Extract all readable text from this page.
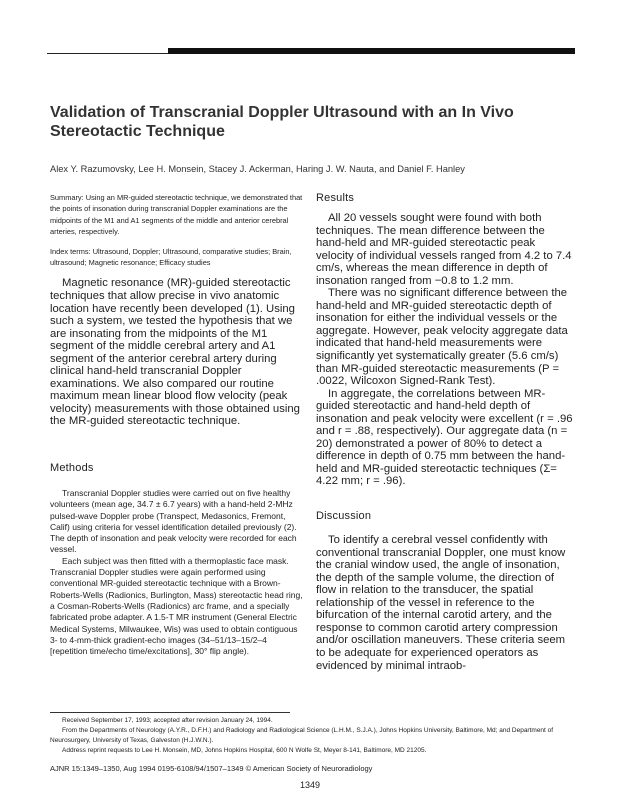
Validation of Transcranial Doppler Ultrasound with an In Vivo Stereotactic Technique
Alex Y. Razumovsky, Lee H. Monsein, Stacey J. Ackerman, Haring J. W. Nauta, and Daniel F. Hanley

Summary: Using an MR-guided stereotactic technique, we demonstrated that the points of insonation during transcranial Doppler examinations are the midpoints of the M1 and A1 segments of the middle and anterior cerebral arteries, respectively.

Index terms: Ultrasound, Doppler; Ultrasound, comparative studies; Brain, ultrasound; Magnetic resonance; Efficacy studies

Magnetic resonance (MR)-guided stereotactic techniques that allow precise in vivo anatomic location have recently been developed (1). Using such a system, we tested the hypothesis that we are insonating from the midpoints of the M1 segment of the middle cerebral artery and A1 segment of the anterior cerebral artery during clinical hand-held transcranial Doppler examinations. We also compared our routine maximum mean linear blood flow velocity (peak velocity) measurements with those obtained using the MR-guided stereotactic technique.

Methods

Transcranial Doppler studies were carried out on five healthy volunteers (mean age, 34.7 ± 6.7 years) with a hand-held 2-MHz pulsed-wave Doppler probe (Transpect, Medasonics, Fremont, Calif) using criteria for vessel identification detailed previously (2). The depth of insonation and peak velocity were recorded for each vessel.

Each subject was then fitted with a thermoplastic face mask. Transcranial Doppler studies were again performed using conventional MR-guided stereotactic technique with a Brown-Roberts-Wells (Radionics, Burlington, Mass) stereotactic head ring, a Cosman-Roberts-Wells (Radionics) arc frame, and a specially fabricated probe adapter. A 1.5-T MR instrument (General Electric Medical Systems, Milwaukee, Wis) was used to obtain contiguous 3- to 4-mm-thick gradient-echo images (34–51/13–15/2–4 [repetition time/echo time/excitations], 30° flip angle).

Results

All 20 vessels sought were found with both techniques. The mean difference between the hand-held and MR-guided stereotactic peak velocity of individual vessels ranged from 4.2 to 7.4 cm/s, whereas the mean difference in depth of insonation ranged from −0.8 to 1.2 mm.

There was no significant difference between the hand-held and MR-guided stereotactic depth of insonation for either the individual vessels or the aggregate. However, peak velocity aggregate data indicated that hand-held measurements were significantly yet systematically greater (5.6 cm/s) than MR-guided stereotactic measurements (P = .0022, Wilcoxon Signed-Rank Test).

In aggregate, the correlations between MR-guided stereotactic and hand-held depth of insonation and peak velocity were excellent (r = .96 and r = .88, respectively). Our aggregate data (n = 20) demonstrated a power of 80% to detect a difference in depth of 0.75 mm between the hand-held and MR-guided stereotactic techniques (Σ= 4.22 mm; r = .96).

Discussion

To identify a cerebral vessel confidently with conventional transcranial Doppler, one must know the cranial window used, the angle of insonation, the depth of the sample volume, the direction of flow in relation to the transducer, the spatial relationship of the vessel in reference to the bifurcation of the internal carotid artery, and the response to common carotid artery compression and/or oscillation maneuvers. These criteria seem to be adequate for experienced operators as evidenced by minimal intraob-

Received September 17, 1993; accepted after revision January 24, 1994.

From the Departments of Neurology (A.Y.R., D.F.H.) and Radiology and Radiological Science (L.H.M., S.J.A.), Johns Hopkins University, Baltimore, Md; and Department of Neurosurgery, University of Texas, Galveston (H.J.W.N.).

Address reprint requests to Lee H. Monsein, MD, Johns Hopkins Hospital, 600 N Wolfe St, Meyer 8-141, Baltimore, MD 21205.

AJNR 15:1349–1350, Aug 1994 0195-6108/94/1507–1349 © American Society of Neuroradiology
1349
